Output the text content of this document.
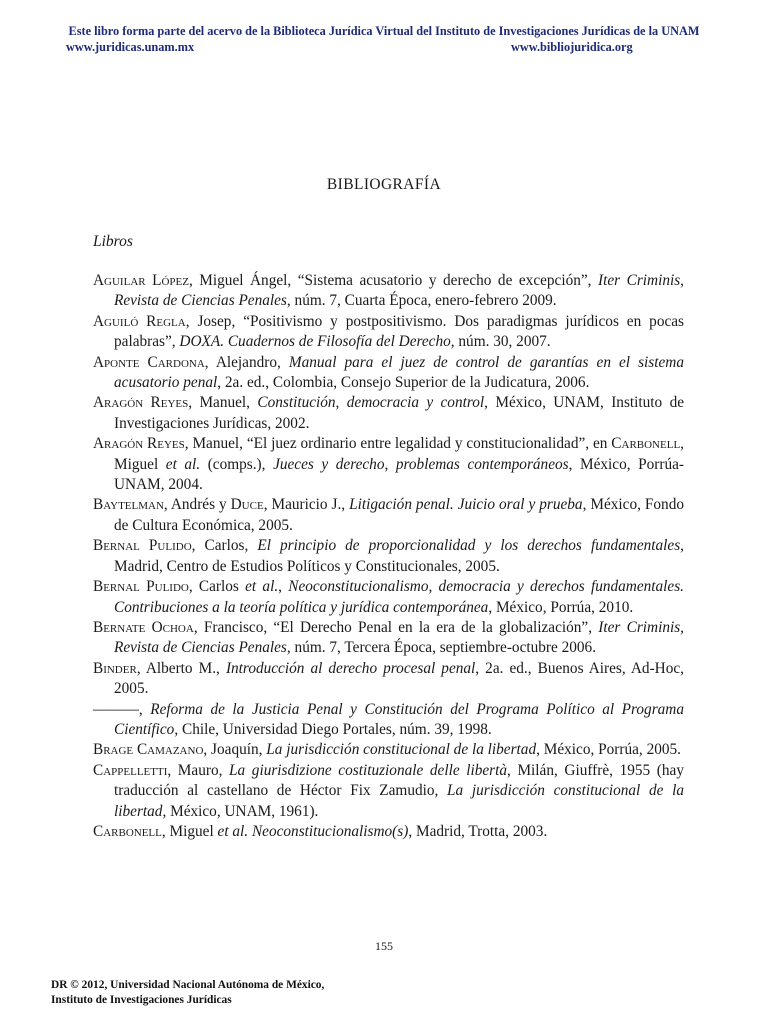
Este libro forma parte del acervo de la Biblioteca Jurídica Virtual del Instituto de Investigaciones Jurídicas de la UNAM
www.juridicas.unam.mx	www.bibliojuridica.org
BIBLIOGRAFÍA
Libros
Aguilar López, Miguel Ángel, “Sistema acusatorio y derecho de excepción”, Iter Criminis, Revista de Ciencias Penales, núm. 7, Cuarta Época, enero-febrero 2009.
Aguiló Regla, Josep, “Positivismo y postpositivismo. Dos paradigmas jurídicos en pocas palabras”, DOXA. Cuadernos de Filosofía del Derecho, núm. 30, 2007.
Aponte Cardona, Alejandro, Manual para el juez de control de garantías en el sistema acusatorio penal, 2a. ed., Colombia, Consejo Superior de la Judicatura, 2006.
Aragón Reyes, Manuel, Constitución, democracia y control, México, UNAM, Instituto de Investigaciones Jurídicas, 2002.
Aragón Reyes, Manuel, “El juez ordinario entre legalidad y constitucionalidad”, en Carbonell, Miguel et al. (comps.), Jueces y derecho, problemas contemporáneos, México, Porrúa-UNAM, 2004.
Baytelman, Andrés y Duce, Mauricio J., Litigación penal. Juicio oral y prueba, México, Fondo de Cultura Económica, 2005.
Bernal Pulido, Carlos, El principio de proporcionalidad y los derechos fundamentales, Madrid, Centro de Estudios Políticos y Constitucionales, 2005.
Bernal Pulido, Carlos et al., Neoconstitucionalismo, democracia y derechos fundamentales. Contribuciones a la teoría política y jurídica contemporánea, México, Porrúa, 2010.
Bernate Ochoa, Francisco, “El Derecho Penal en la era de la globalización”, Iter Criminis, Revista de Ciencias Penales, núm. 7, Tercera Época, septiembre-octubre 2006.
Binder, Alberto M., Introducción al derecho procesal penal, 2a. ed., Buenos Aires, Ad-Hoc, 2005.
———, Reforma de la Justicia Penal y Constitución del Programa Político al Programa Científico, Chile, Universidad Diego Portales, núm. 39, 1998.
Brage Camazano, Joaquín, La jurisdicción constitucional de la libertad, México, Porrúa, 2005.
Cappelletti, Mauro, La giurisdizione costituzionale delle libertà, Milán, Giuffrè, 1955 (hay traducción al castellano de Héctor Fix Zamudio, La jurisdicción constitucional de la libertad, México, UNAM, 1961).
Carbonell, Miguel et al. Neoconstitucionalismo(s), Madrid, Trotta, 2003.
155
DR © 2012, Universidad Nacional Autónoma de México,
Instituto de Investigaciones Jurídicas
